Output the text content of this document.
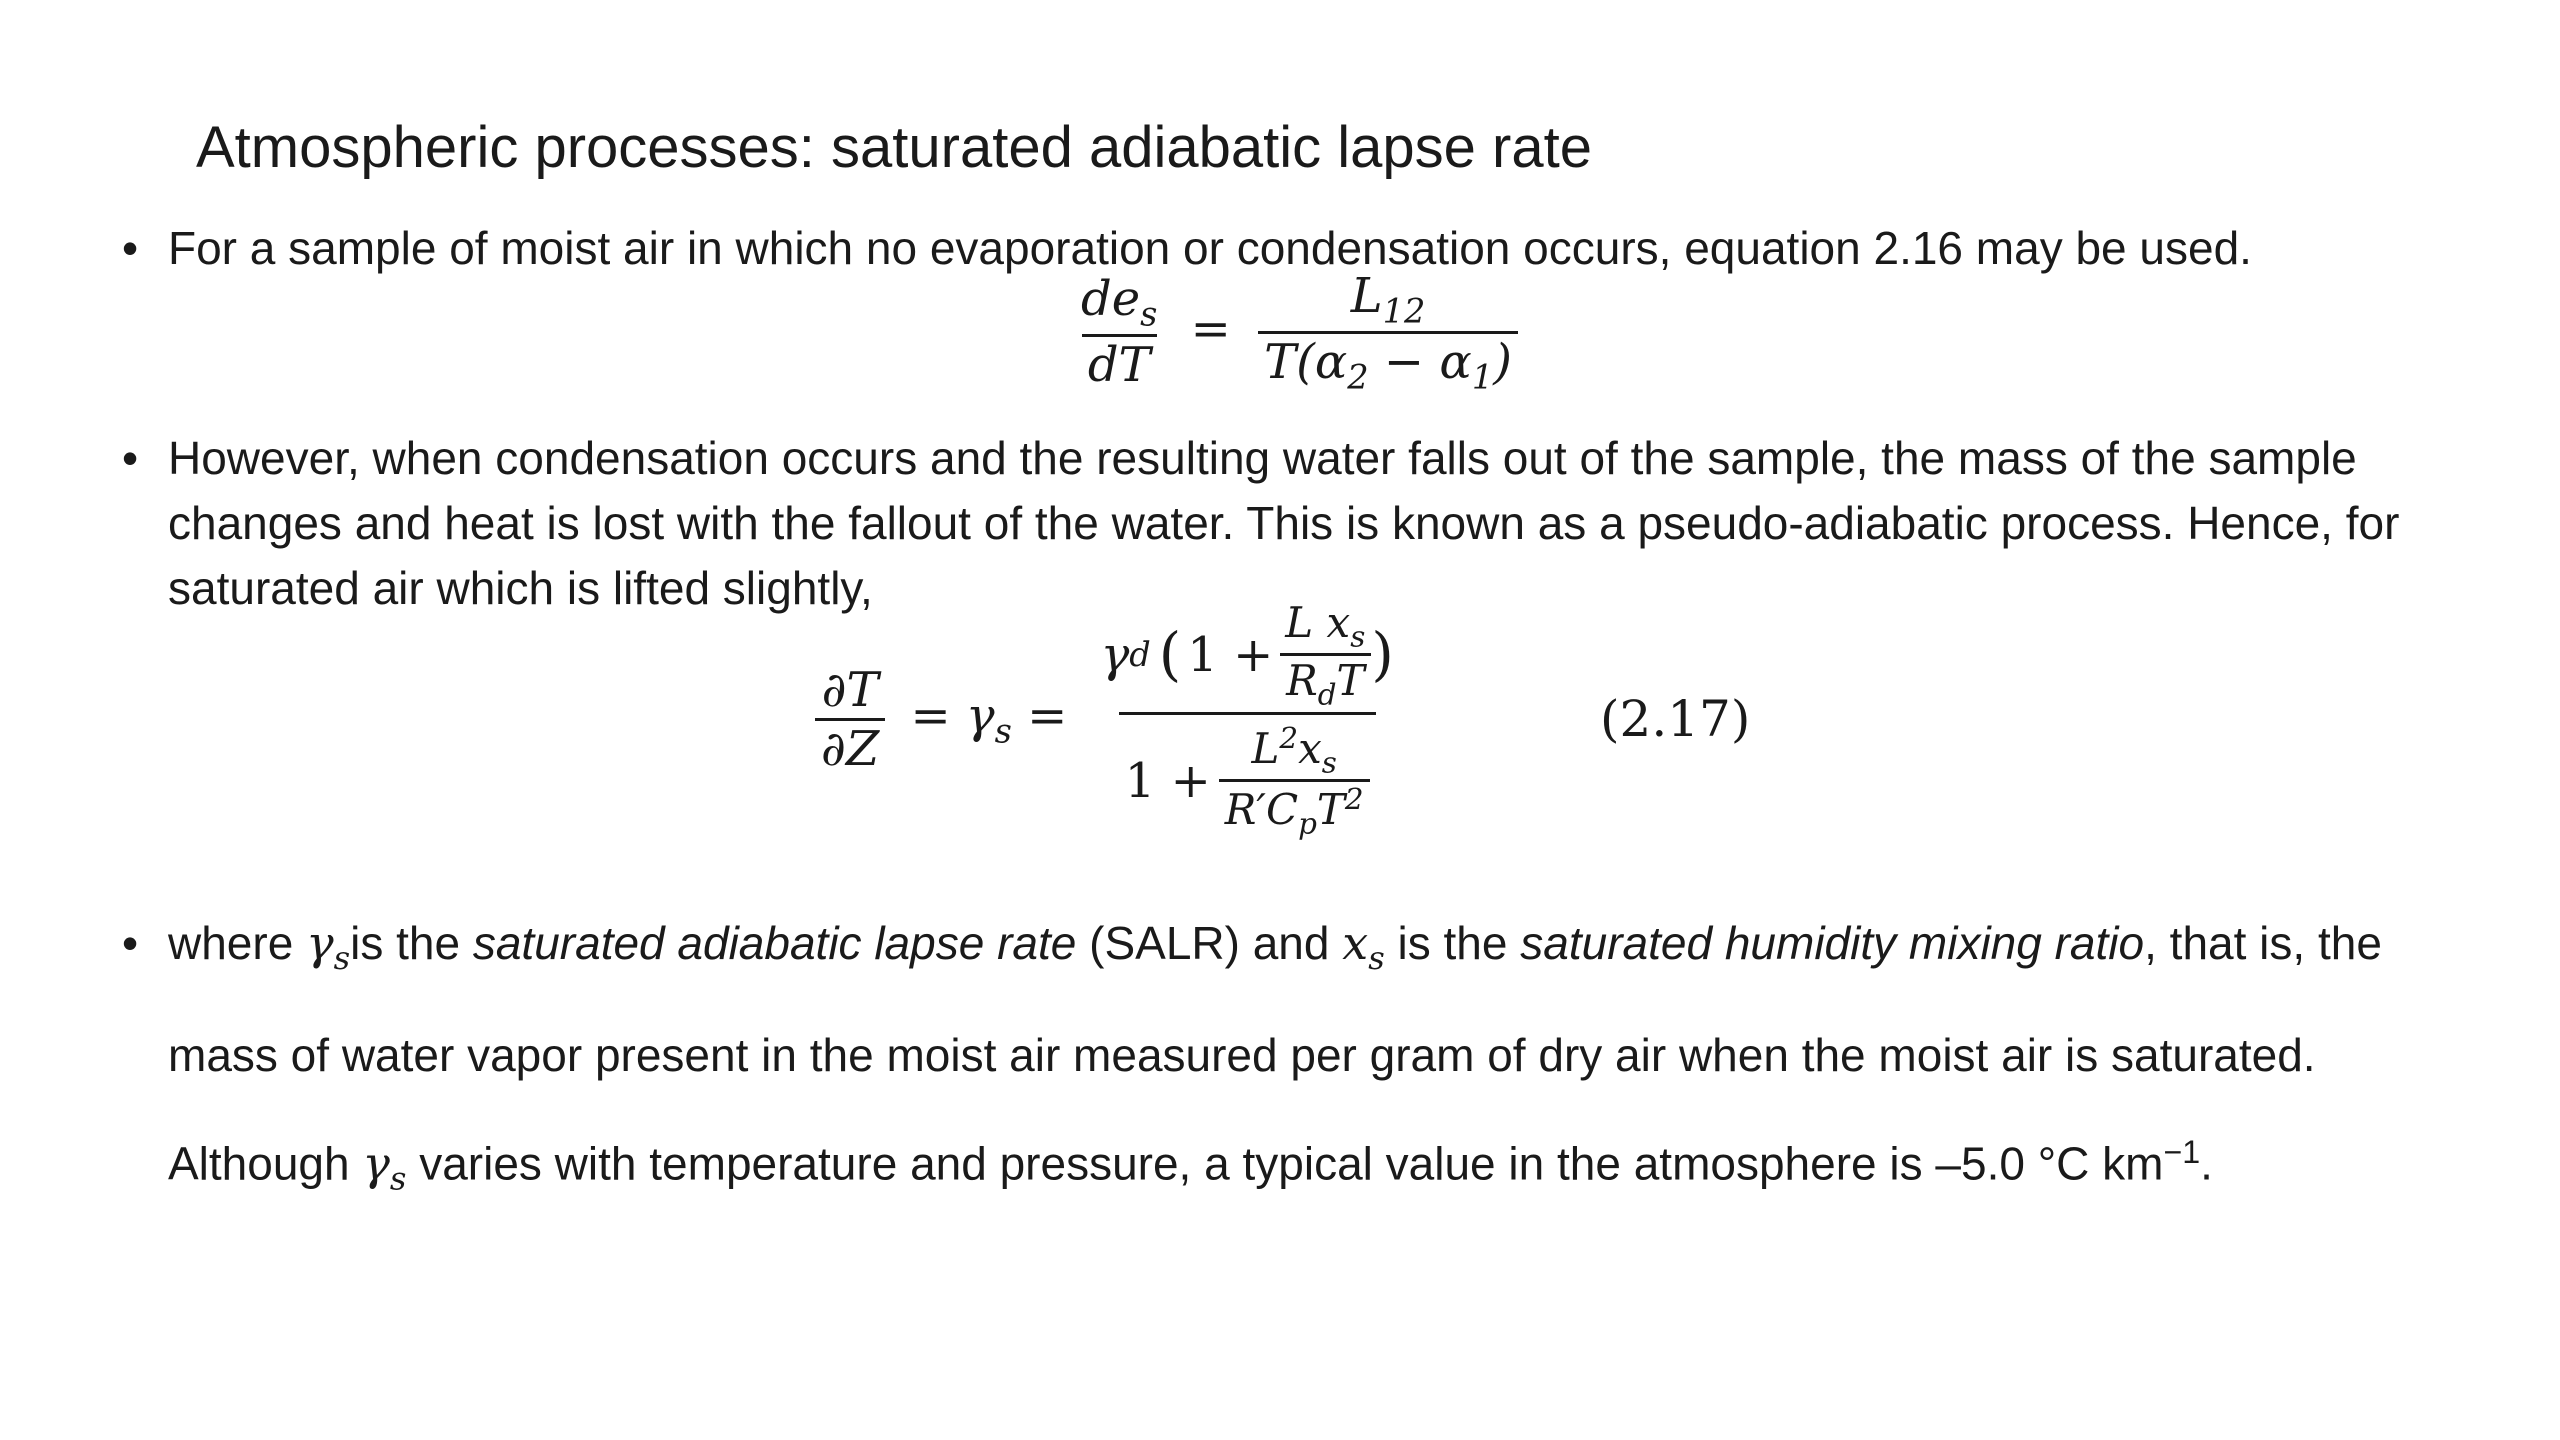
Atmospheric processes: saturated adiabatic lapse rate
• For a sample of moist air in which no evaporation or condensation occurs, equation 2.16 may be used.
$\frac{de_s}{dT} = \frac{L_{12}}{T(\alpha_2 - \alpha_1)}$
• However, when condensation occurs and the resulting water falls out of the sample, the mass of the sample changes and heat is lost with the fallout of the water. This is known as a pseudo-adiabatic process. Hence, for saturated air which is lifted slightly,
$\frac{\partial T}{\partial Z} = \gamma_s$ =
γ d ( $1 + \frac{L x_s}{R_dT}$ )
$1 + \frac{L^2x_s}{R'C_pT^2}$
(2.17)
• where $\gamma_sis$ the saturated adiabatic lapse rate (SALR) and $x_s$ is the saturated humidity mixing ratio, that is, the mass of water vapor present in the moist air measured per gram of dry air when the moist air is saturated. Although $\gamma_s$ varies with temperature and pressure, a typical value in the atmosphere is –5.0 °C $km^{-1}$.
